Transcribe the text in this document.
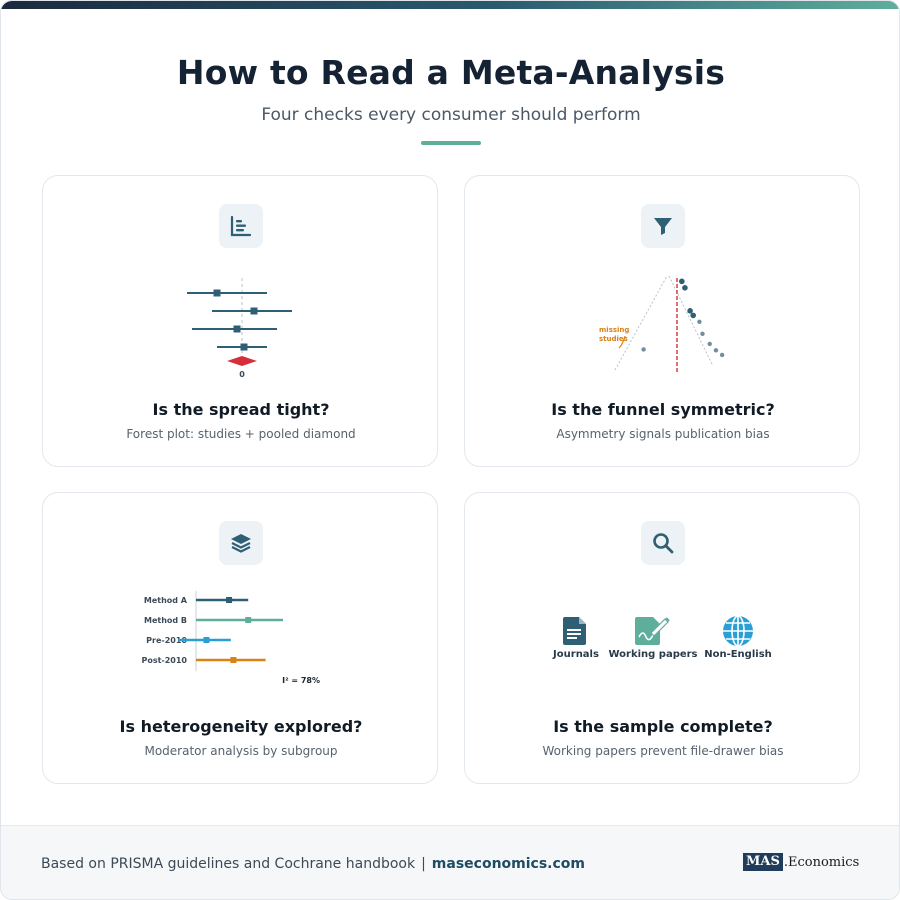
How to Read a Meta-Analysis
Four checks every consumer should perform
0
Is the spread tight?
Forest plot: studies + pooled diamond
missing
studies
Is the funnel symmetric?
Asymmetry signals publication bias
Method A
Method B
Pre-2010
Post-2010
I² = 78%
Is heterogeneity explored?
Moderator analysis by subgroup
Journals Working papers Non-English
Is the sample complete?
Working papers prevent file-drawer bias
Based on PRISMA guidelines and Cochrane handbook | maseconomics.com	MAS .Economics
